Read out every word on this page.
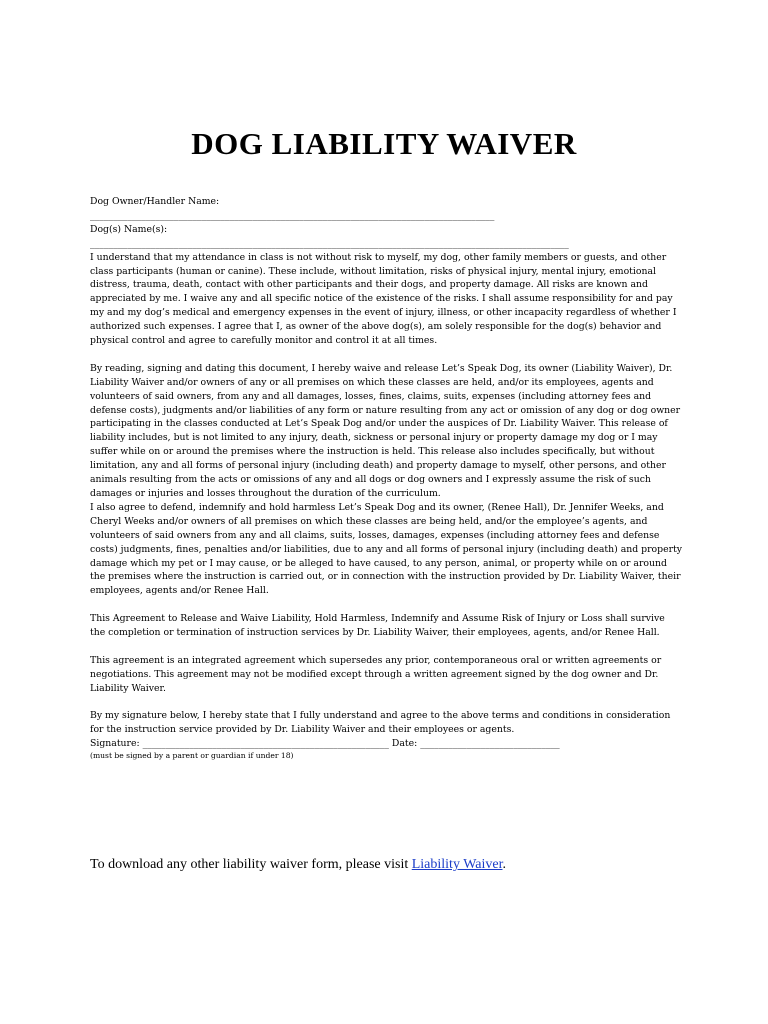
DOG LIABILITY WAIVER
Dog Owner/Handler Name:
_______________________________________________________________________________________
Dog(s) Name(s):
_______________________________________________________________________________________________________

I understand that my attendance in class is not without risk to myself, my dog, other family members or guests, and other class participants (human or canine). These include, without limitation, risks of physical injury, mental injury, emotional distress, trauma, death, contact with other participants and their dogs, and property damage. All risks are known and appreciated by me. I waive any and all specific notice of the existence of the risks. I shall assume responsibility for and pay my and my dog’s medical and emergency expenses in the event of injury, illness, or other incapacity regardless of whether I authorized such expenses. I agree that I, as owner of the above dog(s), am solely responsible for the dog(s) behavior and physical control and agree to carefully monitor and control it at all times.

By reading, signing and dating this document, I hereby waive and release Let’s Speak Dog, its owner (Liability Waiver), Dr. Liability Waiver and/or owners of any or all premises on which these classes are held, and/or its employees, agents and volunteers of said owners, from any and all damages, losses, fines, claims, suits, expenses (including attorney fees and defense costs), judgments and/or liabilities of any form or nature resulting from any act or omission of any dog or dog owner participating in the classes conducted at Let’s Speak Dog and/or under the auspices of Dr. Liability Waiver. This release of liability includes, but is not limited to any injury, death, sickness or personal injury or property damage my dog or I may suffer while on or around the premises where the instruction is held. This release also includes specifically, but without limitation, any and all forms of personal injury (including death) and property damage to myself, other persons, and other animals resulting from the acts or omissions of any and all dogs or dog owners and I expressly assume the risk of such damages or injuries and losses throughout the duration of the curriculum.

I also agree to defend, indemnify and hold harmless Let’s Speak Dog and its owner, (Renee Hall), Dr. Jennifer Weeks, and Cheryl Weeks and/or owners of all premises on which these classes are being held, and/or the employee’s agents, and volunteers of said owners from any and all claims, suits, losses, damages, expenses (including attorney fees and defense costs) judgments, fines, penalties and/or liabilities, due to any and all forms of personal injury (including death) and property damage which my pet or I may cause, or be alleged to have caused, to any person, animal, or property while on or around the premises where the instruction is carried out, or in connection with the instruction provided by Dr. Liability Waiver, their employees, agents and/or Renee Hall.

This Agreement to Release and Waive Liability, Hold Harmless, Indemnify and Assume Risk of Injury or Loss shall survive the completion or termination of instruction services by Dr. Liability Waiver, their employees, agents, and/or Renee Hall.

This agreement is an integrated agreement which supersedes any prior, contemporaneous oral or written agreements or negotiations. This agreement may not be modified except through a written agreement signed by the dog owner and Dr. Liability Waiver.

By my signature below, I hereby state that I fully understand and agree to the above terms and conditions in consideration for the instruction service provided by Dr. Liability Waiver and their employees or agents.

Signature: _____________________________________________________ Date: ______________________________
(must be signed by a parent or guardian if under 18)
To download any other liability waiver form, please visit Liability Waiver.
